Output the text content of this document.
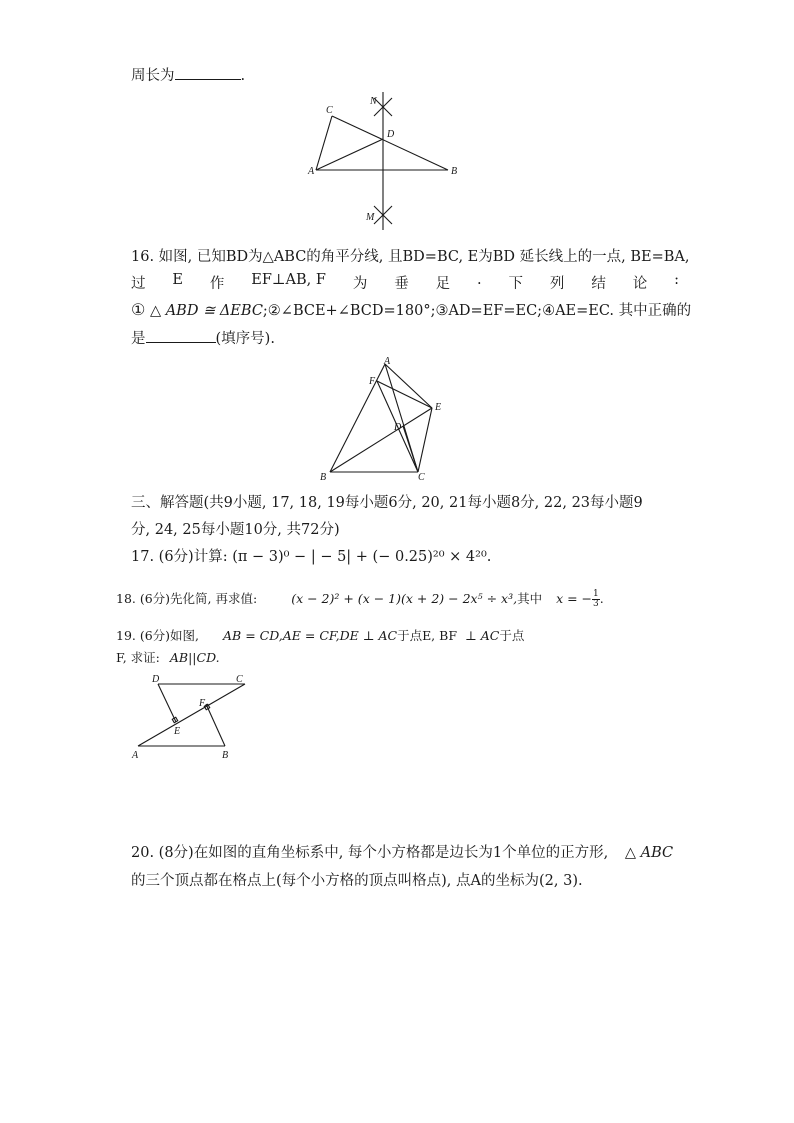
周长为	.
C
N
D
A	B
M
16. 如图, 已知BD为△ABC的角平分线, 且BD=BC, E为BD 延长线上的一点, BE=BA,
过 E 作 EF⊥AB, F 为 垂 足 . 下 列 结 论 :
① △ ABD ≅ ΔEBC;②∠BCE+∠BCD=180°;③AD=EF=EC;④AE=EC. 其中正确的
是	(填序号).
A
F
E
D
B	C
三、解答题(共9小题, 17, 18, 19每小题6分, 20, 21每小题8分, 22, 23每小题9
分, 24, 25每小题10分, 共72分)
17. (6分)计算: (π − 3)⁰ − | − 5| + (− 0.25)²⁰ × 4²⁰.
18. (6分)先化简, 再求值:	(x − 2)² + (x − 1)(x + 2) − 2x⁵ ÷ x³,其中 x = − $\frac{1}{3}$ .
19. (6分)如图, AB = CD,AE = CF,DE ⊥ AC于点E, BF ⊥ AC于点
F, 求证: AB||CD.
D	C
F
E
A	B
20. (8分)在如图的直角坐标系中, 每个小方格都是边长为1个单位的正方形, △ ABC
的三个顶点都在格点上(每个小方格的顶点叫格点), 点A的坐标为(2, 3).
